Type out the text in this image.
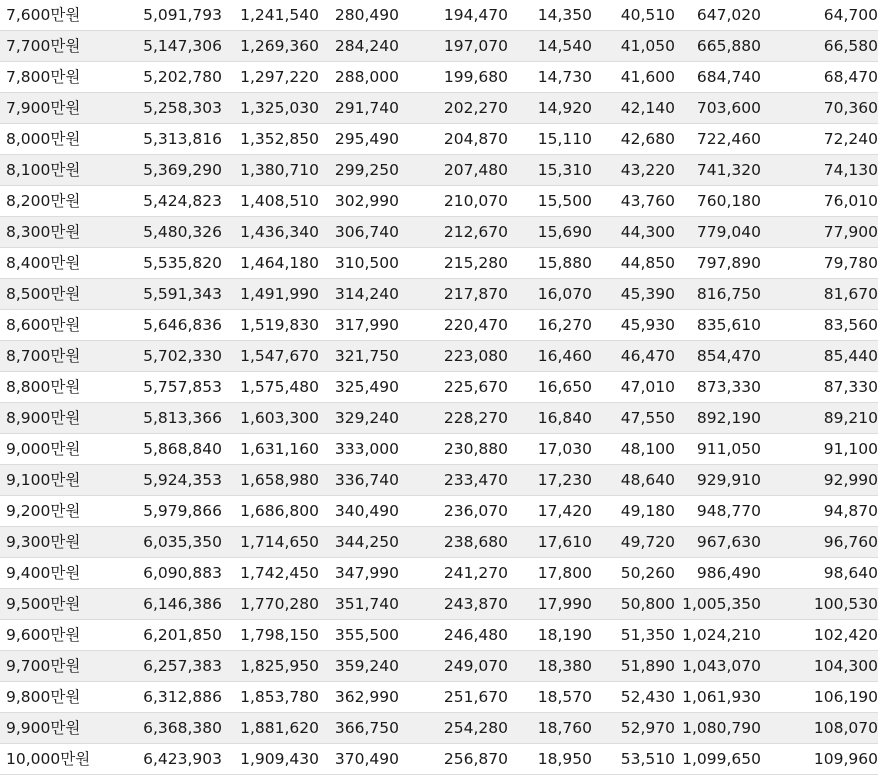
7,600만원	5,091,793	1,241,540	280,490	194,470	14,350	40,510	647,020	64,700
7,700만원	5,147,306	1,269,360	284,240	197,070	14,540	41,050	665,880	66,580
7,800만원	5,202,780	1,297,220	288,000	199,680	14,730	41,600	684,740	68,470
7,900만원	5,258,303	1,325,030	291,740	202,270	14,920	42,140	703,600	70,360
8,000만원	5,313,816	1,352,850	295,490	204,870	15,110	42,680	722,460	72,240
8,100만원	5,369,290	1,380,710	299,250	207,480	15,310	43,220	741,320	74,130
8,200만원	5,424,823	1,408,510	302,990	210,070	15,500	43,760	760,180	76,010
8,300만원	5,480,326	1,436,340	306,740	212,670	15,690	44,300	779,040	77,900
8,400만원	5,535,820	1,464,180	310,500	215,280	15,880	44,850	797,890	79,780
8,500만원	5,591,343	1,491,990	314,240	217,870	16,070	45,390	816,750	81,670
8,600만원	5,646,836	1,519,830	317,990	220,470	16,270	45,930	835,610	83,560
8,700만원	5,702,330	1,547,670	321,750	223,080	16,460	46,470	854,470	85,440
8,800만원	5,757,853	1,575,480	325,490	225,670	16,650	47,010	873,330	87,330
8,900만원	5,813,366	1,603,300	329,240	228,270	16,840	47,550	892,190	89,210
9,000만원	5,868,840	1,631,160	333,000	230,880	17,030	48,100	911,050	91,100
9,100만원	5,924,353	1,658,980	336,740	233,470	17,230	48,640	929,910	92,990
9,200만원	5,979,866	1,686,800	340,490	236,070	17,420	49,180	948,770	94,870
9,300만원	6,035,350	1,714,650	344,250	238,680	17,610	49,720	967,630	96,760
9,400만원	6,090,883	1,742,450	347,990	241,270	17,800	50,260	986,490	98,640
9,500만원	6,146,386	1,770,280	351,740	243,870	17,990	50,800	1,005,350	100,530
9,600만원	6,201,850	1,798,150	355,500	246,480	18,190	51,350	1,024,210	102,420
9,700만원	6,257,383	1,825,950	359,240	249,070	18,380	51,890	1,043,070	104,300
9,800만원	6,312,886	1,853,780	362,990	251,670	18,570	52,430	1,061,930	106,190
9,900만원	6,368,380	1,881,620	366,750	254,280	18,760	52,970	1,080,790	108,070
10,000만원	6,423,903	1,909,430	370,490	256,870	18,950	53,510	1,099,650	109,960
